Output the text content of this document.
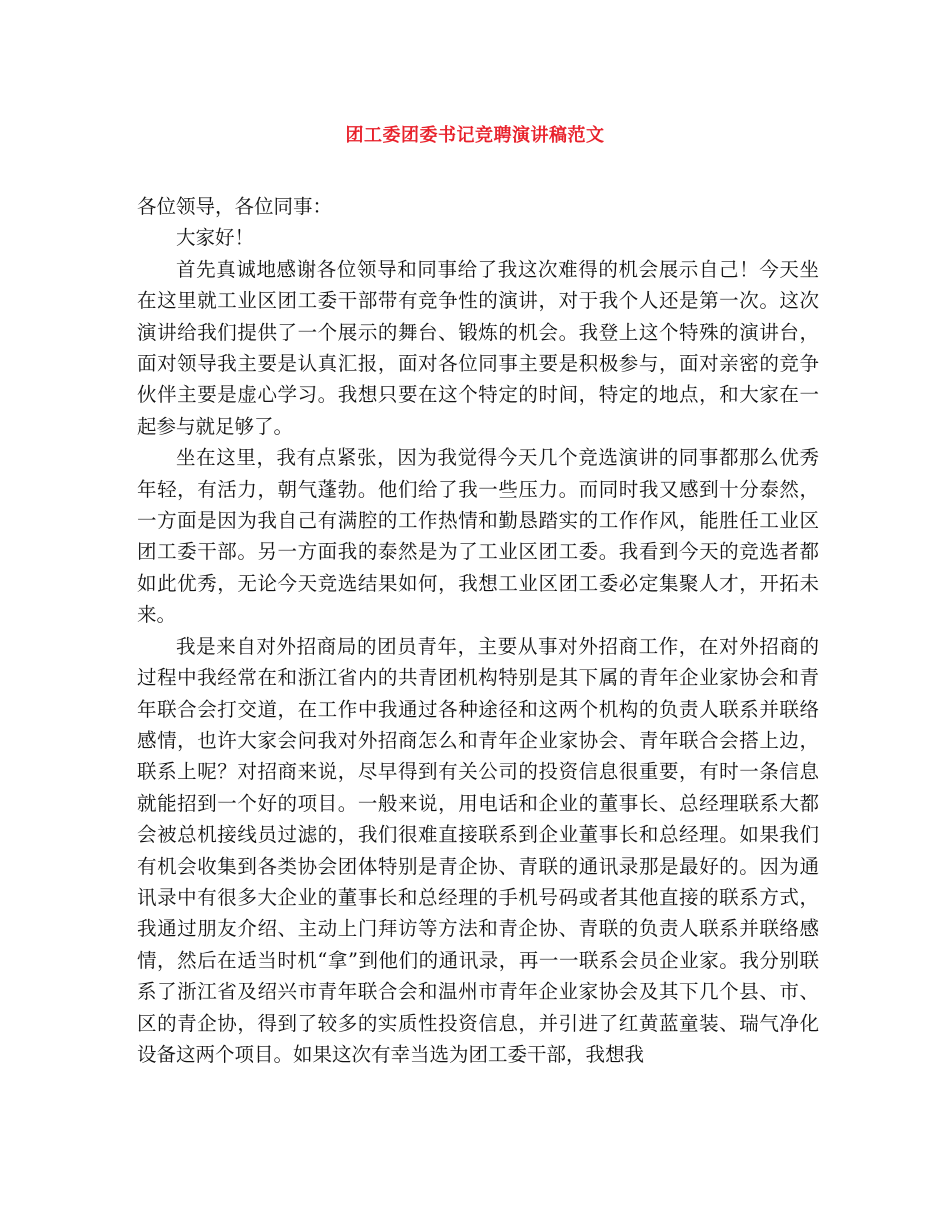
团工委团委书记竞聘演讲稿范文

各位领导，各位同事：

大家好！

首先真诚地感谢各位领导和同事给了我这次难得的机会展示自己！今天坐在这里就工业区团工委干部带有竞争性的演讲，对于我个人还是第一次。这次演讲给我们提供了一个展示的舞台、锻炼的机会。我登上这个特殊的演讲台，面对领导我主要是认真汇报，面对各位同事主要是积极参与，面对亲密的竞争伙伴主要是虚心学习。我想只要在这个特定的时间，特定的地点，和大家在一起参与就足够了。

坐在这里，我有点紧张，因为我觉得今天几个竞选演讲的同事都那么优秀年轻，有活力，朝气蓬勃。他们给了我一些压力。而同时我又感到十分泰然，一方面是因为我自己有满腔的工作热情和勤恳踏实的工作作风，能胜任工业区团工委干部。另一方面我的泰然是为了工业区团工委。我看到今天的竞选者都如此优秀，无论今天竞选结果如何，我想工业区团工委必定集聚人才，开拓未来。

我是来自对外招商局的团员青年，主要从事对外招商工作，在对外招商的过程中我经常在和浙江省内的共青团机构特别是其下属的青年企业家协会和青年联合会打交道，在工作中我通过各种途径和这两个机构的负责人联系并联络感情，也许大家会问我对外招商怎么和青年企业家协会、青年联合会搭上边，联系上呢？对招商来说，尽早得到有关公司的投资信息很重要，有时一条信息就能招到一个好的项目。一般来说，用电话和企业的董事长、总经理联系大都会被总机接线员过滤的，我们很难直接联系到企业董事长和总经理。如果我们有机会收集到各类协会团体特别是青企协、青联的通讯录那是最好的。因为通讯录中有很多大企业的董事长和总经理的手机号码或者其他直接的联系方式，我通过朋友介绍、主动上门拜访等方法和青企协、青联的负责人联系并联络感情，然后在适当时机“拿”到他们的通讯录，再一一联系会员企业家。我分别联系了浙江省及绍兴市青年联合会和温州市青年企业家协会及其下几个县、市、区的青企协，得到了较多的实质性投资信息，并引进了红黄蓝童装、瑞气净化设备这两个项目。如果这次有幸当选为团工委干部，我想我
